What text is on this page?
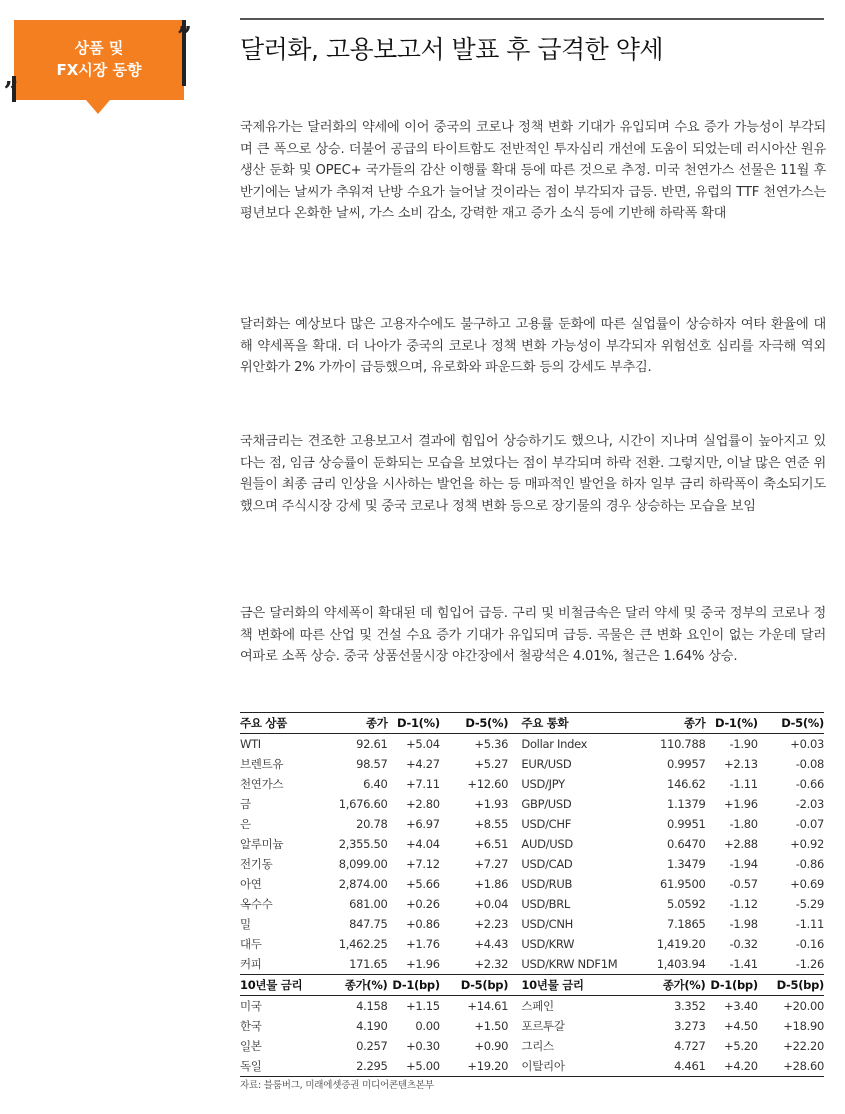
상품 및
FX시장 동향
„
” 달러화, 고용보고서 발표 후 급격한 약세

국제유가는 달러화의 약세에 이어 중국의 코로나 정책 변화 기대가 유입되며 수요 증가 가능성이 부각되며 큰 폭으로 상승. 더불어 공급의 타이트함도 전반적인 투자심리 개선에 도움이 되었는데 러시아산 원유 생산 둔화 및 OPEC+ 국가들의 감산 이행률 확대 등에 따른 것으로 추정. 미국 천연가스 선물은 11월 후반기에는 날씨가 추워져 난방 수요가 늘어날 것이라는 점이 부각되자 급등. 반면, 유럽의 TTF 천연가스는 평년보다 온화한 날씨, 가스 소비 감소, 강력한 재고 증가 소식 등에 기반해 하락폭 확대

달러화는 예상보다 많은 고용자수에도 불구하고 고용률 둔화에 따른 실업률이 상승하자 여타 환율에 대해 약세폭을 확대. 더 나아가 중국의 코로나 정책 변화 가능성이 부각되자 위험선호 심리를 자극해 역외 위안화가 2% 가까이 급등했으며, 유로화와 파운드화 등의 강세도 부추김.

국채금리는 견조한 고용보고서 결과에 힘입어 상승하기도 했으나, 시간이 지나며 실업률이 높아지고 있다는 점, 임금 상승률이 둔화되는 모습을 보였다는 점이 부각되며 하락 전환. 그렇지만, 이날 많은 연준 위원들이 최종 금리 인상을 시사하는 발언을 하는 등 매파적인 발언을 하자 일부 금리 하락폭이 축소되기도 했으며 주식시장 강세 및 중국 코로나 정책 변화 등으로 장기물의 경우 상승하는 모습을 보임

금은 달러화의 약세폭이 확대된 데 힘입어 급등. 구리 및 비철금속은 달러 약세 및 중국 정부의 코로나 정책 변화에 따른 산업 및 건설 수요 증가 기대가 유입되며 급등. 곡물은 큰 변화 요인이 없는 가운데 달러 여파로 소폭 상승. 중국 상품선물시장 야간장에서 철광석은 4.01%, 철근은 1.64% 상승.

주요 상품	종가	D-1(%)	D-5(%)		주요 통화	종가	D-1(%)	D-5(%)
WTI	92.61	+5.04	+5.36		Dollar Index	110.788	-1.90	+0.03
브렌트유	98.57	+4.27	+5.27		EUR/USD	0.9957	+2.13	-0.08
천연가스	6.40	+7.11	+12.60		USD/JPY	146.62	-1.11	-0.66
금	1,676.60	+2.80	+1.93		GBP/USD	1.1379	+1.96	-2.03
은	20.78	+6.97	+8.55		USD/CHF	0.9951	-1.80	-0.07
알루미늄	2,355.50	+4.04	+6.51		AUD/USD	0.6470	+2.88	+0.92
전기동	8,099.00	+7.12	+7.27		USD/CAD	1.3479	-1.94	-0.86
아연	2,874.00	+5.66	+1.86		USD/RUB	61.9500	-0.57	+0.69
옥수수	681.00	+0.26	+0.04		USD/BRL	5.0592	-1.12	-5.29
밀	847.75	+0.86	+2.23		USD/CNH	7.1865	-1.98	-1.11
대두	1,462.25	+1.76	+4.43		USD/KRW	1,419.20	-0.32	-0.16
커피	171.65	+1.96	+2.32		USD/KRW NDF1M	1,403.94	-1.41	-1.26
10년물 금리	종가(%)	D-1(bp)	D-5(bp)		10년물 금리	종가(%)	D-1(bp)	D-5(bp)
미국	4.158	+1.15	+14.61		스페인	3.352	+3.40	+20.00
한국	4.190	0.00	+1.50		포르투갈	3.273	+4.50	+18.90
일본	0.257	+0.30	+0.90		그리스	4.727	+5.20	+22.20
독일	2.295	+5.00	+19.20		이탈리아	4.461	+4.20	+28.60
자료: 블룸버그, 미래에셋증권 미디어콘텐츠본부
